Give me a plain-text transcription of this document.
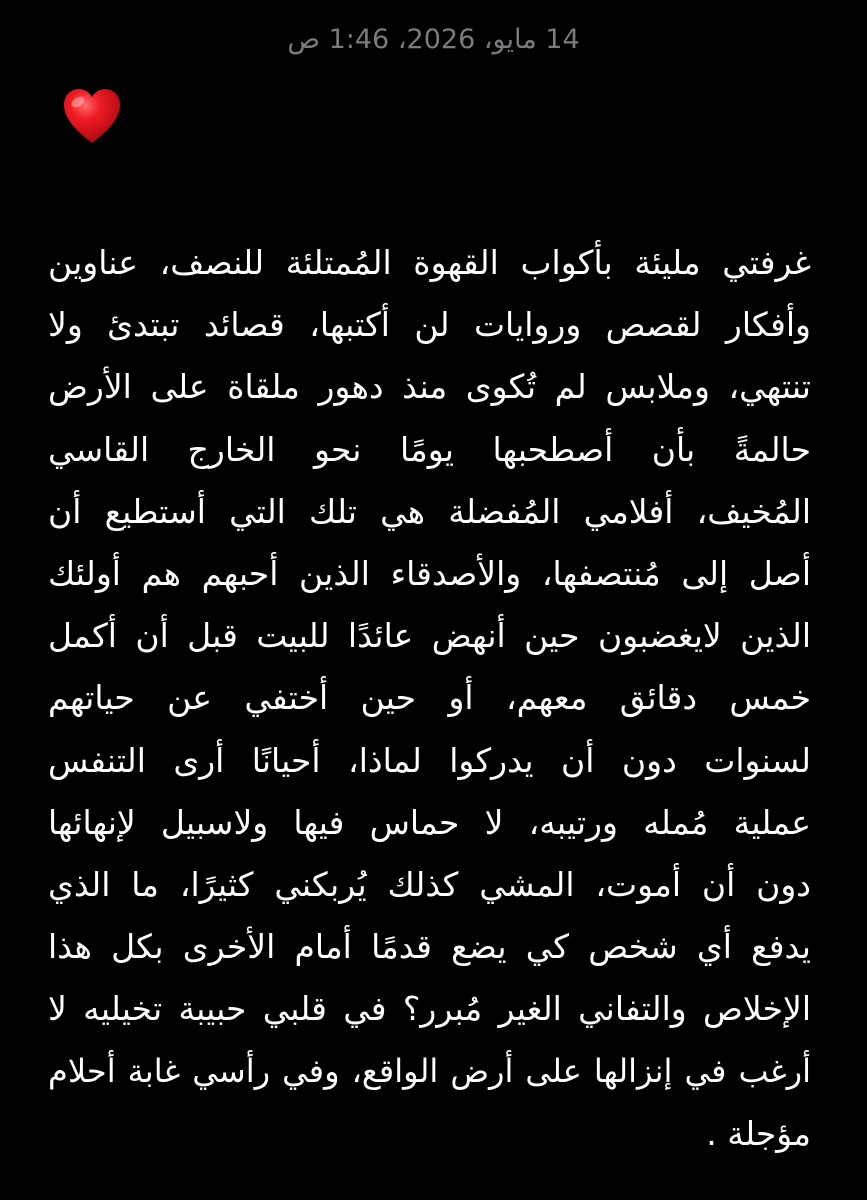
14 مايو، 2026، 1:46 ص
غرفتي مليئة بأكواب القهوة المُمتلئة للنصف، عناوين
وأفكار لقصص وروايات لن أكتبها، قصائد تبتدئ ولا
تنتهي، وملابس لم تُكوى منذ دهور ملقاة على الأرض
حالمةً بأن أصطحبها يومًا نحو الخارج القاسي
المُخيف، أفلامي المُفضلة هي تلك التي أستطيع أن
أصل إلى مُنتصفها، والأصدقاء الذين أحبهم هم أولئك
الذين لايغضبون حين أنهض عائدًا للبيت قبل أن أكمل
خمس دقائق معهم، أو حين أختفي عن حياتهم
لسنوات دون أن يدركوا لماذا، أحيانًا أرى التنفس
عملية مُمله ورتيبه، لا حماس فيها ولاسبيل لإنهائها
دون أن أموت، المشي كذلك يُربكني كثيرًا، ما الذي
يدفع أي شخص كي يضع قدمًا أمام الأخرى بكل هذا
الإخلاص والتفاني الغير مُبرر؟ في قلبي حبيبة تخيليه لا
أرغب في إنزالها على أرض الواقع، وفي رأسي غابة أحلام
مؤجلة .
